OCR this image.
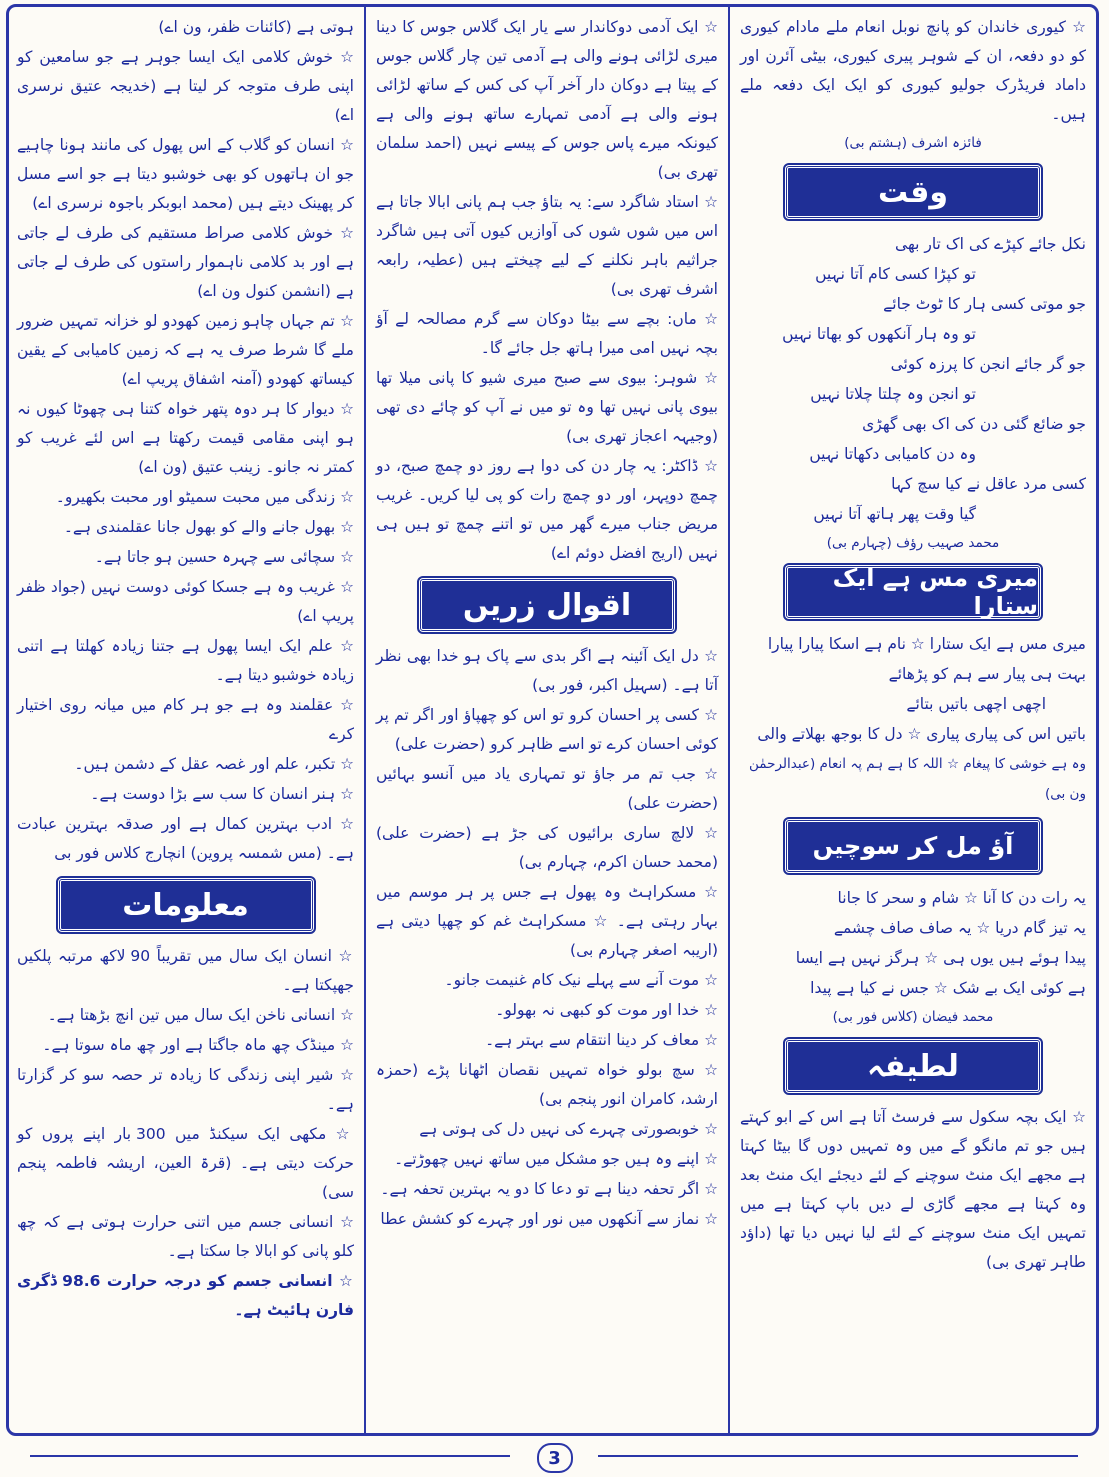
☆ کیوری خاندان کو پانچ نوبل انعام ملے مادام کیوری کو دو دفعہ، ان کے شوہر پیری کیوری، بیٹی آئرن اور داماد فریڈرک جولیو کیوری کو ایک ایک دفعہ ملے ہیں۔

فائزہ اشرف (ہشتم بی)

وقت
نکل جائے کپڑے کی اک تار بھی
تو کپڑا کسی کام آتا نہیں
جو موتی کسی ہار کا ٹوٹ جائے
تو وہ ہار آنکھوں کو بھاتا نہیں
جو گر جائے انجن کا پرزہ کوئی
تو انجن وہ چلتا چلاتا نہیں
جو ضائع گئی دن کی اک بھی گھڑی
وہ دن کامیابی دکھاتا نہیں
کسی مرد عاقل نے کیا سچ کہا
گیا وقت پھر ہاتھ آتا نہیں

محمد صہیب رؤف (چہارم بی)

میری مس ہے ایک ستارا
میری مس ہے ایک ستارا ☆ نام ہے اسکا پیارا پیارا
بہت ہی پیار سے ہم کو پڑھائے
اچھی اچھی باتیں بتائے
باتیں اس کی پیاری پیاری ☆ دل کا بوجھ بھلاتے والی
وہ ہے خوشی کا پیغام ☆ اللہ کا ہے ہم پہ انعام (عبدالرحمٰن ون بی)
آؤ مل کر سوچیں
یہ رات دن کا آنا ☆ شام و سحر کا جانا
یہ تیز گام دریا ☆ یہ صاف صاف چشمے
پیدا ہوئے ہیں یوں ہی ☆ ہرگز نہیں ہے ایسا
ہے کوئی ایک بے شک ☆ جس نے کیا ہے پیدا

محمد فیضان (کلاس فور بی)

لطیفہ

☆ ایک بچہ سکول سے فرسٹ آتا ہے اس کے ابو کہتے ہیں جو تم مانگو گے میں وہ تمہیں دوں گا بیٹا کہتا ہے مجھے ایک منٹ سوچنے کے لئے دیجئے ایک منٹ بعد وہ کہتا ہے مجھے گاڑی لے دیں باپ کہتا ہے میں تمہیں ایک منٹ سوچنے کے لئے لیا نہیں دیا تھا (داؤد طاہر تھری بی)

☆ ایک آدمی دوکاندار سے یار ایک گلاس جوس کا دینا میری لڑائی ہونے والی ہے آدمی تین چار گلاس جوس کے پیتا ہے دوکان دار آخر آپ کی کس کے ساتھ لڑائی ہونے والی ہے آدمی تمہارے ساتھ ہونے والی ہے کیونکہ میرے پاس جوس کے پیسے نہیں (احمد سلمان تھری بی)

☆ استاد شاگرد سے: یہ بتاؤ جب ہم پانی ابالا جاتا ہے اس میں شوں شوں کی آوازیں کیوں آتی ہیں شاگرد جراثیم باہر نکلنے کے لیے چیختے ہیں (عطیہ، رابعہ اشرف تھری بی)

☆ ماں: بچے سے بیٹا دوکان سے گرم مصالحہ لے آؤ بچہ نہیں امی میرا ہاتھ جل جائے گا۔

☆ شوہر: بیوی سے صبح میری شیو کا پانی میلا تھا بیوی پانی نہیں تھا وہ تو میں نے آپ کو چائے دی تھی (وجیہہ اعجاز تھری بی)

☆ ڈاکٹر: یہ چار دن کی دوا ہے روز دو چمچ صبح، دو چمچ دوپہر، اور دو چمچ رات کو پی لیا کریں۔ غریب مریض جناب میرے گھر میں تو اتنے چمچ تو ہیں ہی نہیں (اریج افضل دوئم اے)

اقوال زریں

☆ دل ایک آئینہ ہے اگر بدی سے پاک ہو خدا بھی نظر آتا ہے۔ (سہیل اکبر، فور بی)

☆ کسی پر احسان کرو تو اس کو چھپاؤ اور اگر تم پر کوئی احسان کرے تو اسے ظاہر کرو (حضرت علی)

☆ جب تم مر جاؤ تو تمہاری یاد میں آنسو بہائیں (حضرت علی)

☆ لالچ ساری برائیوں کی جڑ ہے (حضرت علی) (محمد حسان اکرم، چہارم بی)

☆ مسکراہٹ وہ پھول ہے جس پر ہر موسم میں بہار رہتی ہے۔ ☆ مسکراہٹ غم کو چھپا دیتی ہے (اریبہ اصغر چہارم بی)

☆ موت آنے سے پہلے نیک کام غنیمت جانو۔

☆ خدا اور موت کو کبھی نہ بھولو۔

☆ معاف کر دینا انتقام سے بہتر ہے۔

☆ سچ بولو خواہ تمہیں نقصان اٹھانا پڑے (حمزہ ارشد، کامران انور پنجم بی)

☆ خوبصورتی چہرے کی نہیں دل کی ہوتی ہے

☆ اپنے وہ ہیں جو مشکل میں ساتھ نہیں چھوڑتے۔

☆ اگر تحفہ دینا ہے تو دعا کا دو یہ بہترین تحفہ ہے۔

☆ نماز سے آنکھوں میں نور اور چہرے کو کشش عطا

ہوتی ہے (کائنات ظفر، ون اے)

☆ خوش کلامی ایک ایسا جوہر ہے جو سامعین کو اپنی طرف متوجہ کر لیتا ہے (خدیجہ عتیق نرسری اے)

☆ انسان کو گلاب کے اس پھول کی مانند ہونا چاہیے جو ان ہاتھوں کو بھی خوشبو دیتا ہے جو اسے مسل کر پھینک دیتے ہیں (محمد ابوبکر باجوہ نرسری اے)

☆ خوش کلامی صراط مستقیم کی طرف لے جاتی ہے اور بد کلامی ناہموار راستوں کی طرف لے جاتی ہے (انشمن کنول ون اے)

☆ تم جہاں چاہو زمین کھودو لو خزانہ تمہیں ضرور ملے گا شرط صرف یہ ہے کہ زمین کامیابی کے یقین کیساتھ کھودو (آمنہ اشفاق پریپ اے)

☆ دیوار کا ہر دوہ پتھر خواہ کتنا ہی چھوٹا کیوں نہ ہو اپنی مقامی قیمت رکھتا ہے اس لئے غریب کو کمتر نہ جانو۔ زینب عتیق (ون اے)

☆ زندگی میں محبت سمیٹو اور محبت بکھیرو۔

☆ بھول جانے والے کو بھول جانا عقلمندی ہے۔

☆ سچائی سے چہرہ حسین ہو جاتا ہے۔

☆ غریب وہ ہے جسکا کوئی دوست نہیں (جواد ظفر پریپ اے)

☆ علم ایک ایسا پھول ہے جتنا زیادہ کھلتا ہے اتنی زیادہ خوشبو دیتا ہے۔

☆ عقلمند وہ ہے جو ہر کام میں میانہ روی اختیار کرے

☆ تکبر، علم اور غصہ عقل کے دشمن ہیں۔

☆ ہنر انسان کا سب سے بڑا دوست ہے۔

☆ ادب بہترین کمال ہے اور صدقہ بہترین عبادت ہے۔ (مس شمسہ پروین) انچارج کلاس فور بی

معلومات

☆ انسان ایک سال میں تقریباً 90 لاکھ مرتبہ پلکیں جھپکتا ہے۔

☆ انسانی ناخن ایک سال میں تین انچ بڑھتا ہے۔

☆ مینڈک چھ ماہ جاگتا ہے اور چھ ماہ سوتا ہے۔

☆ شیر اپنی زندگی کا زیادہ تر حصہ سو کر گزارتا ہے۔

☆ مکھی ایک سیکنڈ میں 300 بار اپنے پروں کو حرکت دیتی ہے۔ (قرۃ العین، اریشہ فاطمہ پنجم سی)

☆ انسانی جسم میں اتنی حرارت ہوتی ہے کہ چھ کلو پانی کو ابالا جا سکتا ہے۔

☆ انسانی جسم کو درجہ حرارت 98.6 ڈگری فارن ہائیٹ ہے۔

3
